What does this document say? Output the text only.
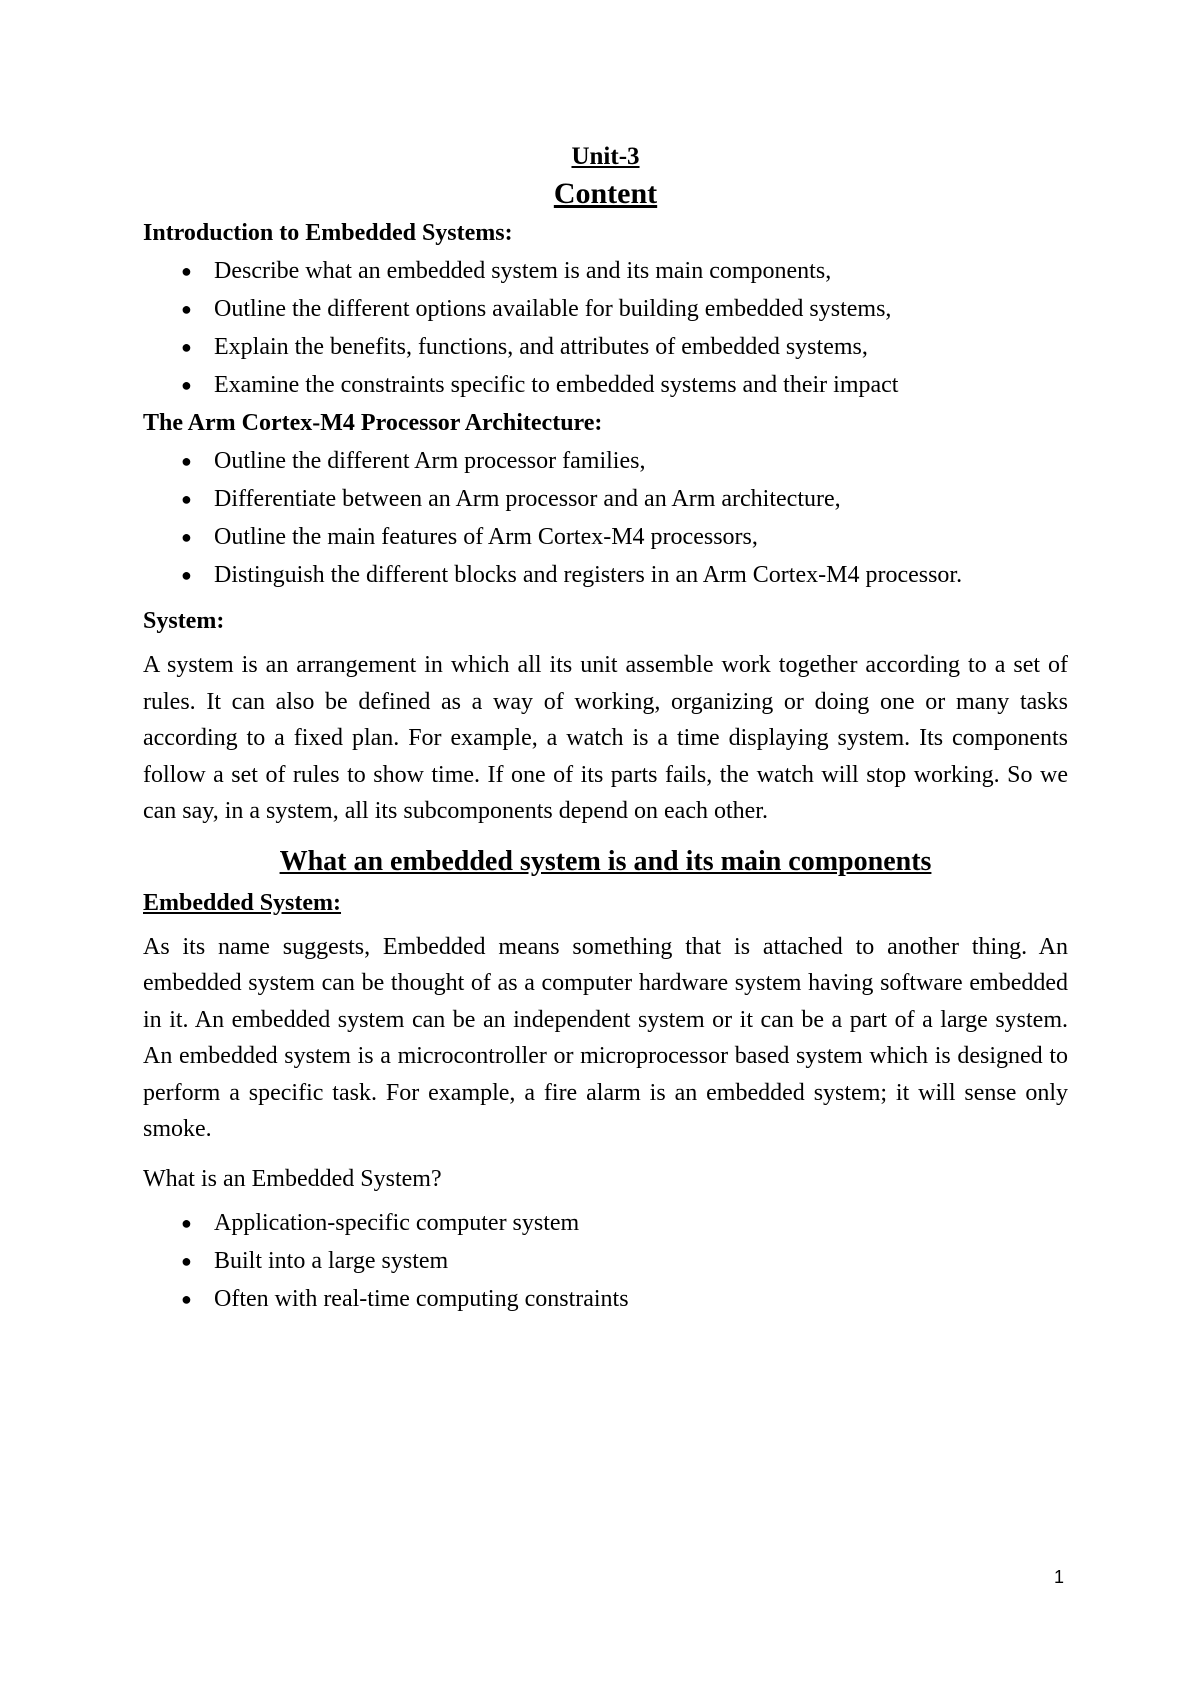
Unit-3
Content
Introduction to Embedded Systems:
● Describe what an embedded system is and its main components,
● Outline the different options available for building embedded systems,
● Explain the benefits, functions, and attributes of embedded systems,
● Examine the constraints specific to embedded systems and their impact
The Arm Cortex-M4 Processor Architecture:
● Outline the different Arm processor families,
● Differentiate between an Arm processor and an Arm architecture,
● Outline the main features of Arm Cortex-M4 processors,
● Distinguish the different blocks and registers in an Arm Cortex-M4 processor.
System:

A system is an arrangement in which all its unit assemble work together according to a set of rules. It can also be defined as a way of working, organizing or doing one or many tasks according to a fixed plan. For example, a watch is a time displaying system. Its components follow a set of rules to show time. If one of its parts fails, the watch will stop working. So we can say, in a system, all its subcomponents depend on each other.

What an embedded system is and its main components
Embedded System:

As its name suggests, Embedded means something that is attached to another thing. An embedded system can be thought of as a computer hardware system having software embedded in it. An embedded system can be an independent system or it can be a part of a large system. An embedded system is a microcontroller or microprocessor based system which is designed to perform a specific task. For example, a fire alarm is an embedded system; it will sense only smoke.

What is an Embedded System?
● Application-specific computer system
● Built into a large system
● Often with real-time computing constraints
1
